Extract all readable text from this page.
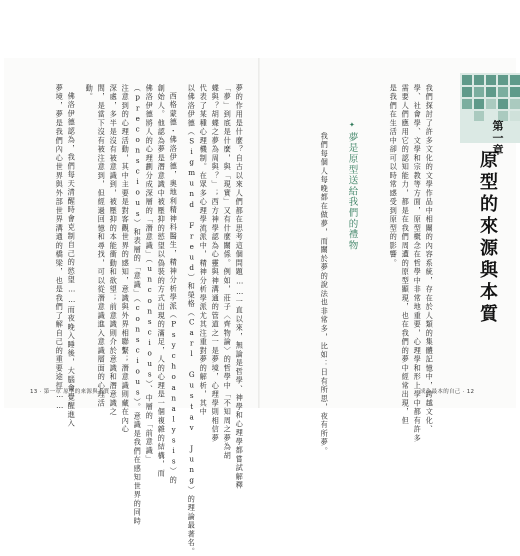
第一章
原型的來源與本質
我們探討了許多文化的文學作品中相關的內容系統，存在於人類的集體記憶中，跨越文化、
學、社會學、文學和宗教等方面，原型概念在哲學中非常地重要，心理學和形上學中都有許多
需要人們應用它的認知能力，都是在我們周遭的原型顯現，也在我們的夢中經常出現，但
是我們在生活中卻可以時常感受到原型的影響。
✦
夢是原型送給我們的禮物
我們每個人每晚都在做夢，而關於夢的說法也非常多，比如：日有所思，夜有所夢。
夢的作用是什麼？自古以來人們都在思考這個問題……一直以來，無論是哲學、神學和心理學都嘗試解釋
「夢」到底是什麼，與「現實」又有什麼關係。例如，莊子〈齊物論〉的哲學中「不知周之夢為胡
蝶與？胡蝶之夢為周與？」；西方神學認為心靈與神溝通的管道之一是夢境，心理學則相信夢
代表了某種心理機制。在眾多心理學流派中，精神分析學派尤其注重對夢的解析，其中
以佛洛伊德（Sigmund Freud）和榮格（Carl Gustav Jung）的理論最著名。
西格蒙德・佛洛伊德，奧地利精神科醫生，精神分析學派（Psychoanalysis）的
創始人。他認為夢是潛意識中被壓抑的慾望以偽裝的方式出現的滿足，人的心理是一個複雜的結構，而
佛洛伊德將人的心理劃分成深層的「潛意識」（unconscious）、中層的「前意識」
（preconscious）和表層的「意識」（conscious）。意識是我們在感知世界的同時
注意到的心理活動，其中主要是對客觀世界的感知，意識與外界相聯繫；潛意識則藏在內心
深處，多半是沒有被意識到，被壓抑的本能衝動和欲望；前意識則介於意識和潛意識之
間，是當下沒有被注意到，但經過回憶和尋找，可以從潛意識進入意識層面的心理活
動。
佛洛伊德認為，我們每天清醒時會克制自己的慾望……而夜晚入睡後，大腦會覺醒進入
夢境，夢是我們內心世界與外部世界溝通的橋梁，也是我們了解自己的重要途徑……
13 · 第一章 原型的來源與本質	成為最本的自己 · 12
